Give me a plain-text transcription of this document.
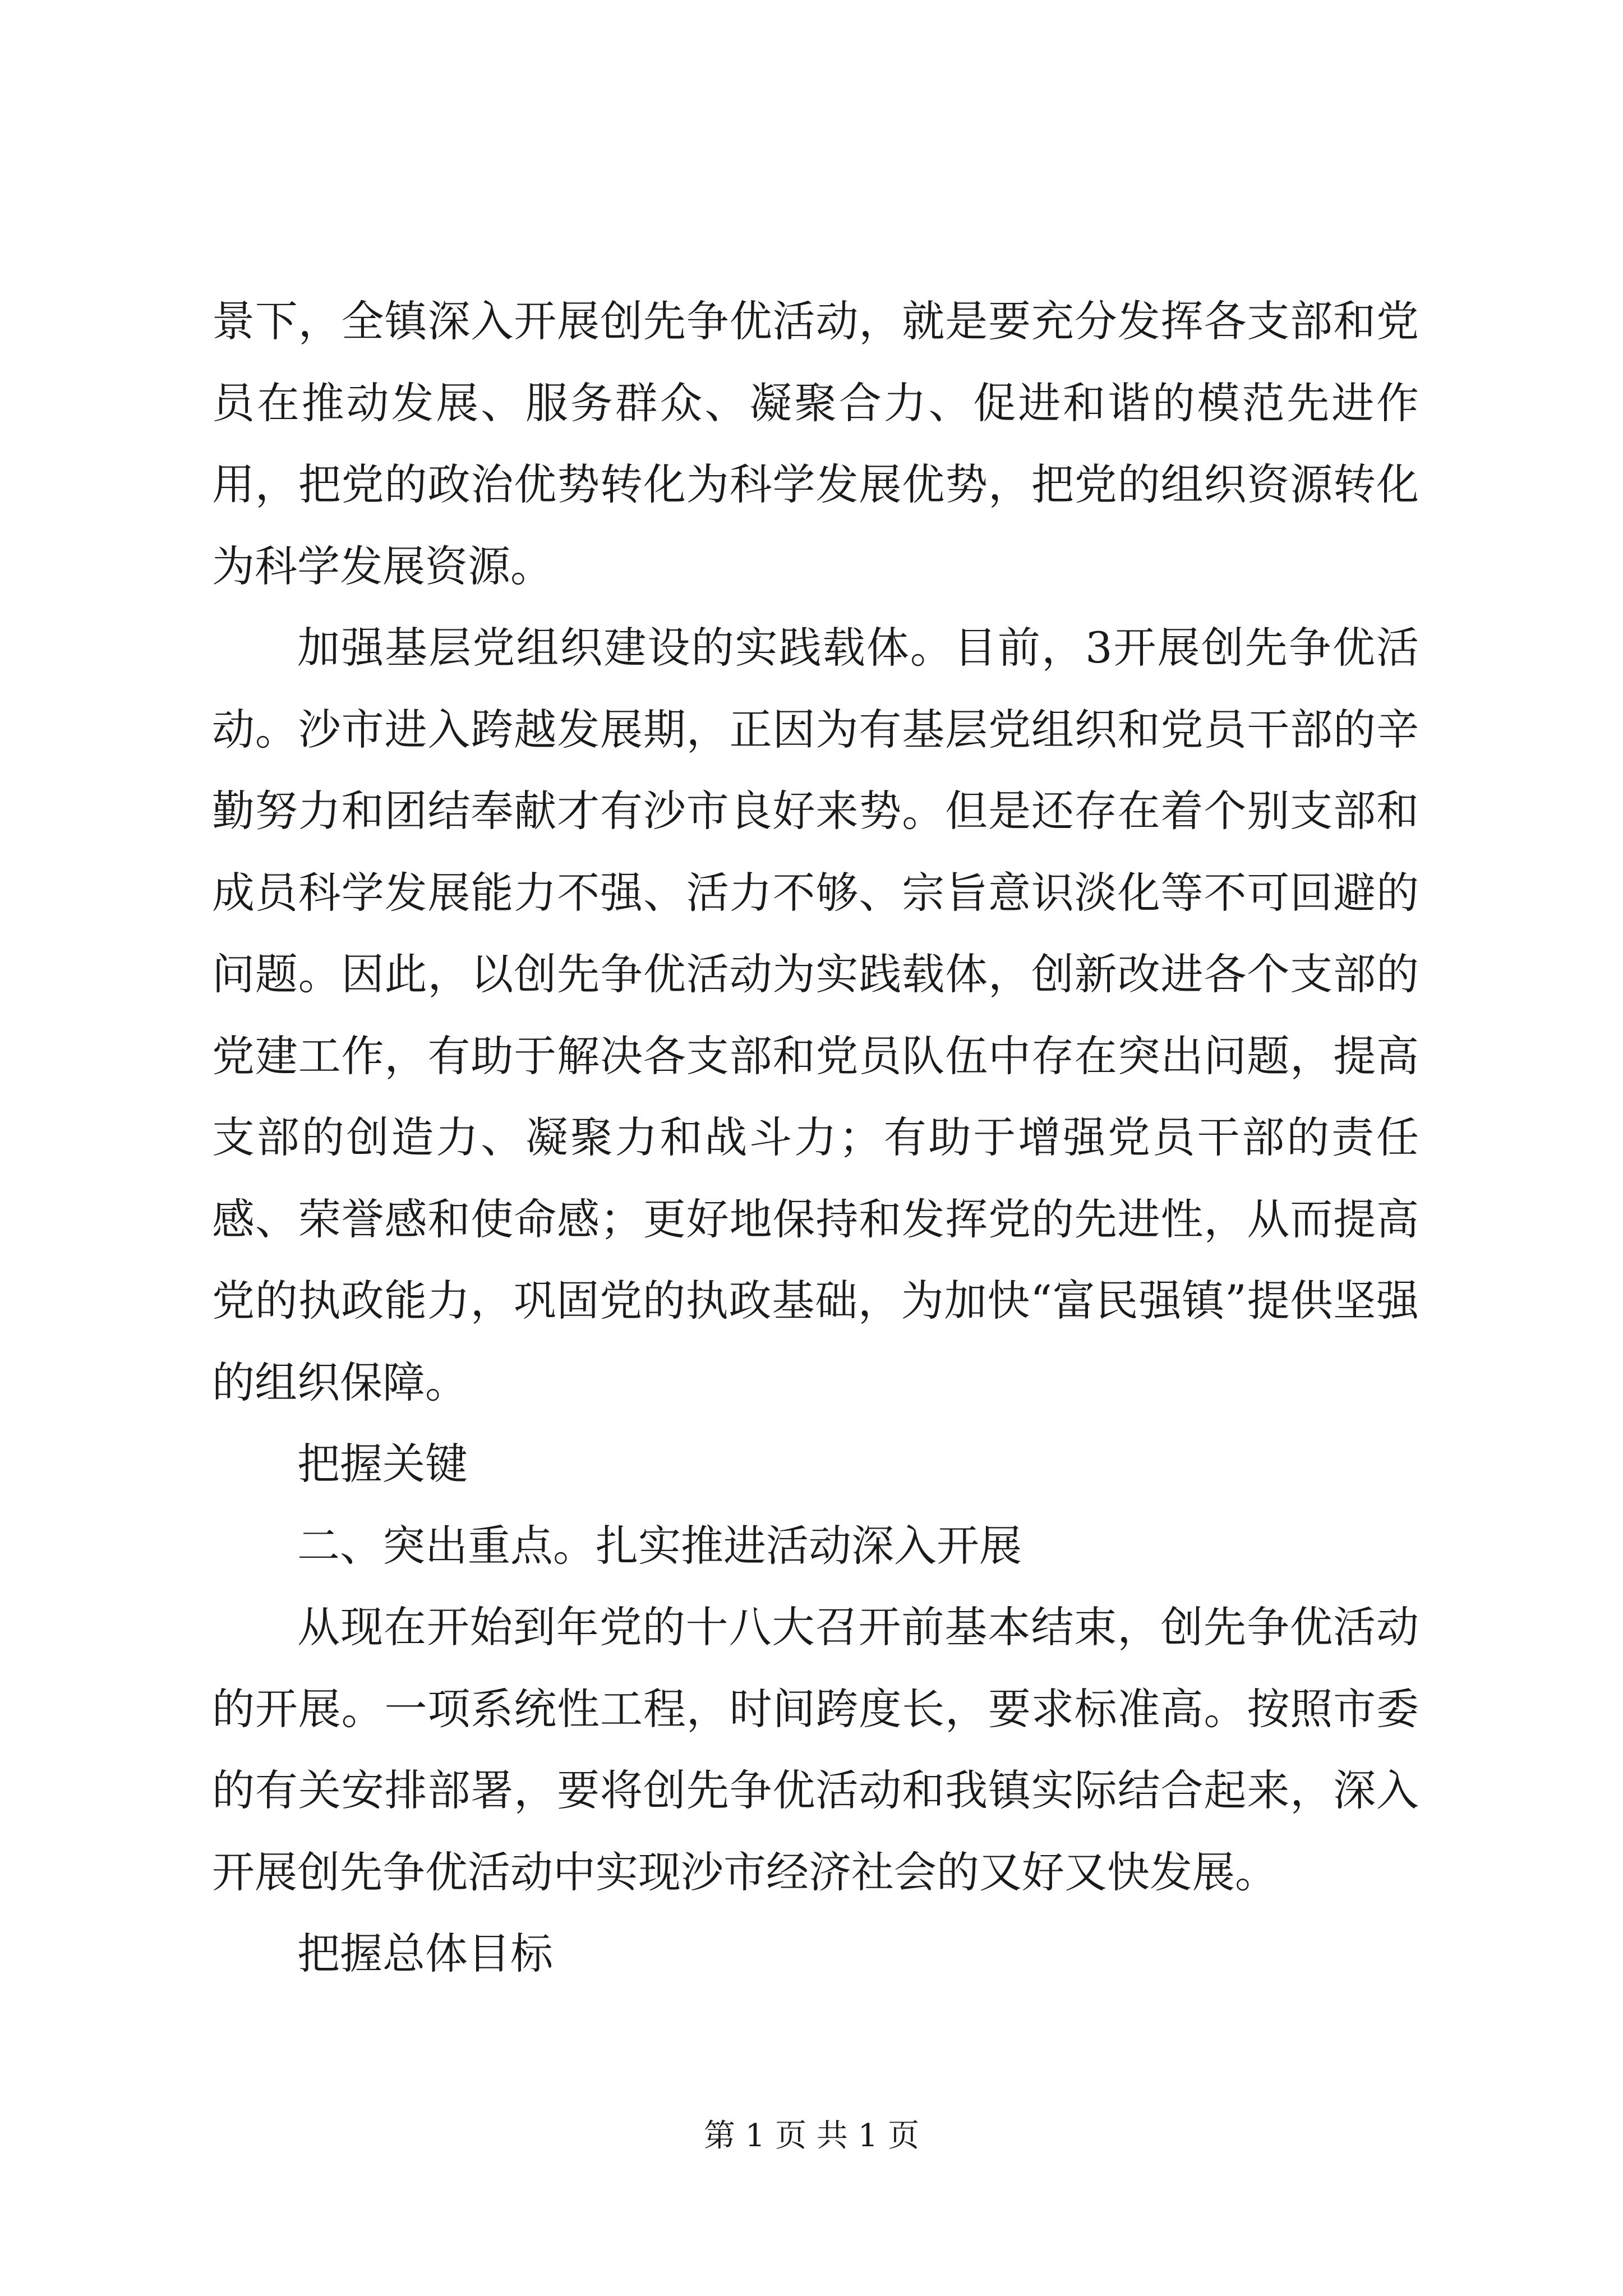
景下，全镇深入开展创先争优活动，就是要充分发挥各支部和党员在推动发展、服务群众、凝聚合力、促进和谐的模范先进作用，把党的政治优势转化为科学发展优势，把党的组织资源转化为科学发展资源。

加强基层党组织建设的实践载体。目前，3开展创先争优活动。沙市进入跨越发展期，正因为有基层党组织和党员干部的辛勤努力和团结奉献才有沙市良好来势。但是还存在着个别支部和成员科学发展能力不强、活力不够、宗旨意识淡化等不可回避的问题。因此，以创先争优活动为实践载体，创新改进各个支部的党建工作，有助于解决各支部和党员队伍中存在突出问题，提高支部的创造力、凝聚力和战斗力；有助于增强党员干部的责任感、荣誉感和使命感；更好地保持和发挥党的先进性，从而提高党的执政能力，巩固党的执政基础，为加快“富民强镇”提供坚强的组织保障。

把握关键

二、突出重点。扎实推进活动深入开展

从现在开始到年党的十八大召开前基本结束，创先争优活动的开展。一项系统性工程，时间跨度长，要求标准高。按照市委的有关安排部署，要将创先争优活动和我镇实际结合起来，深入开展创先争优活动中实现沙市经济社会的又好又快发展。

把握总体目标

第 1 页 共 1 页
